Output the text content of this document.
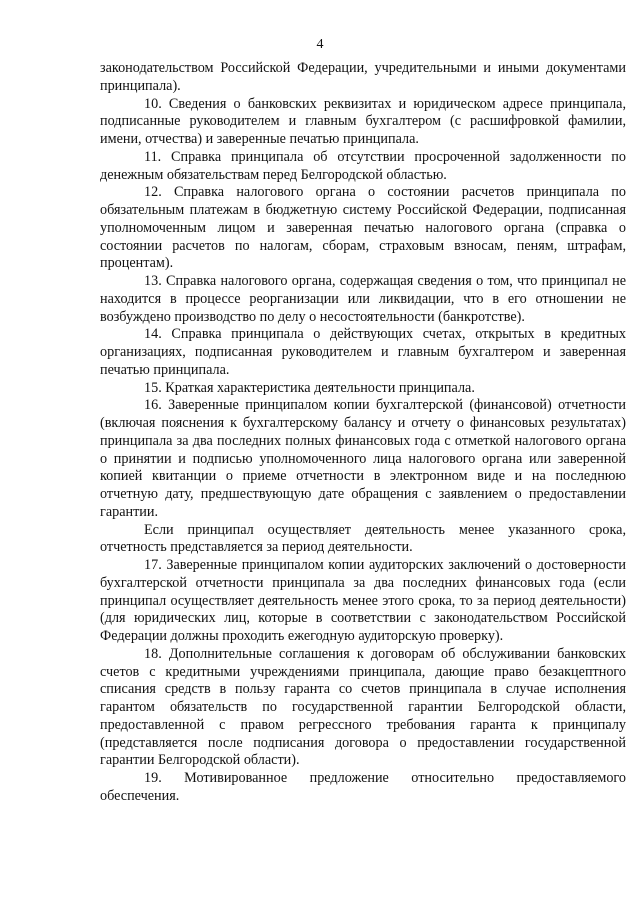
4

законодательством Российской Федерации, учредительными и иными документами принципала).

10. Сведения о банковских реквизитах и юридическом адресе принципала, подписанные руководителем и главным бухгалтером (с расшифровкой фамилии, имени, отчества) и заверенные печатью принципала.

11. Справка принципала об отсутствии просроченной задолженности по денежным обязательствам перед Белгородской областью.

12. Справка налогового органа о состоянии расчетов принципала по обязательным платежам в бюджетную систему Российской Федерации, подписанная уполномоченным лицом и заверенная печатью налогового органа (справка о состоянии расчетов по налогам, сборам, страховым взносам, пеням, штрафам, процентам).

13. Справка налогового органа, содержащая сведения о том, что принципал не находится в процессе реорганизации или ликвидации, что в его отношении не возбуждено производство по делу о несостоятельности (банкротстве).

14. Справка принципала о действующих счетах, открытых в кредитных организациях, подписанная руководителем и главным бухгалтером и заверенная печатью принципала.

15. Краткая характеристика деятельности принципала.

16. Заверенные принципалом копии бухгалтерской (финансовой) отчетности (включая пояснения к бухгалтерскому балансу и отчету о финансовых результатах) принципала за два последних полных финансовых года с отметкой налогового органа о принятии и подписью уполномоченного лица налогового органа или заверенной копией квитанции о приеме отчетности в электронном виде и на последнюю отчетную дату, предшествующую дате обращения с заявлением о предоставлении гарантии.

Если принципал осуществляет деятельность менее указанного срока, отчетность представляется за период деятельности.

17. Заверенные принципалом копии аудиторских заключений о достоверности бухгалтерской отчетности принципала за два последних финансовых года (если принципал осуществляет деятельность менее этого срока, то за период деятельности) (для юридических лиц, которые в соответствии с законодательством Российской Федерации должны проходить ежегодную аудиторскую проверку).

18. Дополнительные соглашения к договорам об обслуживании банковских счетов с кредитными учреждениями принципала, дающие право безакцептного списания средств в пользу гаранта со счетов принципала в случае исполнения гарантом обязательств по государственной гарантии Белгородской области, предоставленной с правом регрессного требования гаранта к принципалу (представляется после подписания договора о предоставлении государственной гарантии Белгородской области).

19. Мотивированное предложение относительно предоставляемого обеспечения.
